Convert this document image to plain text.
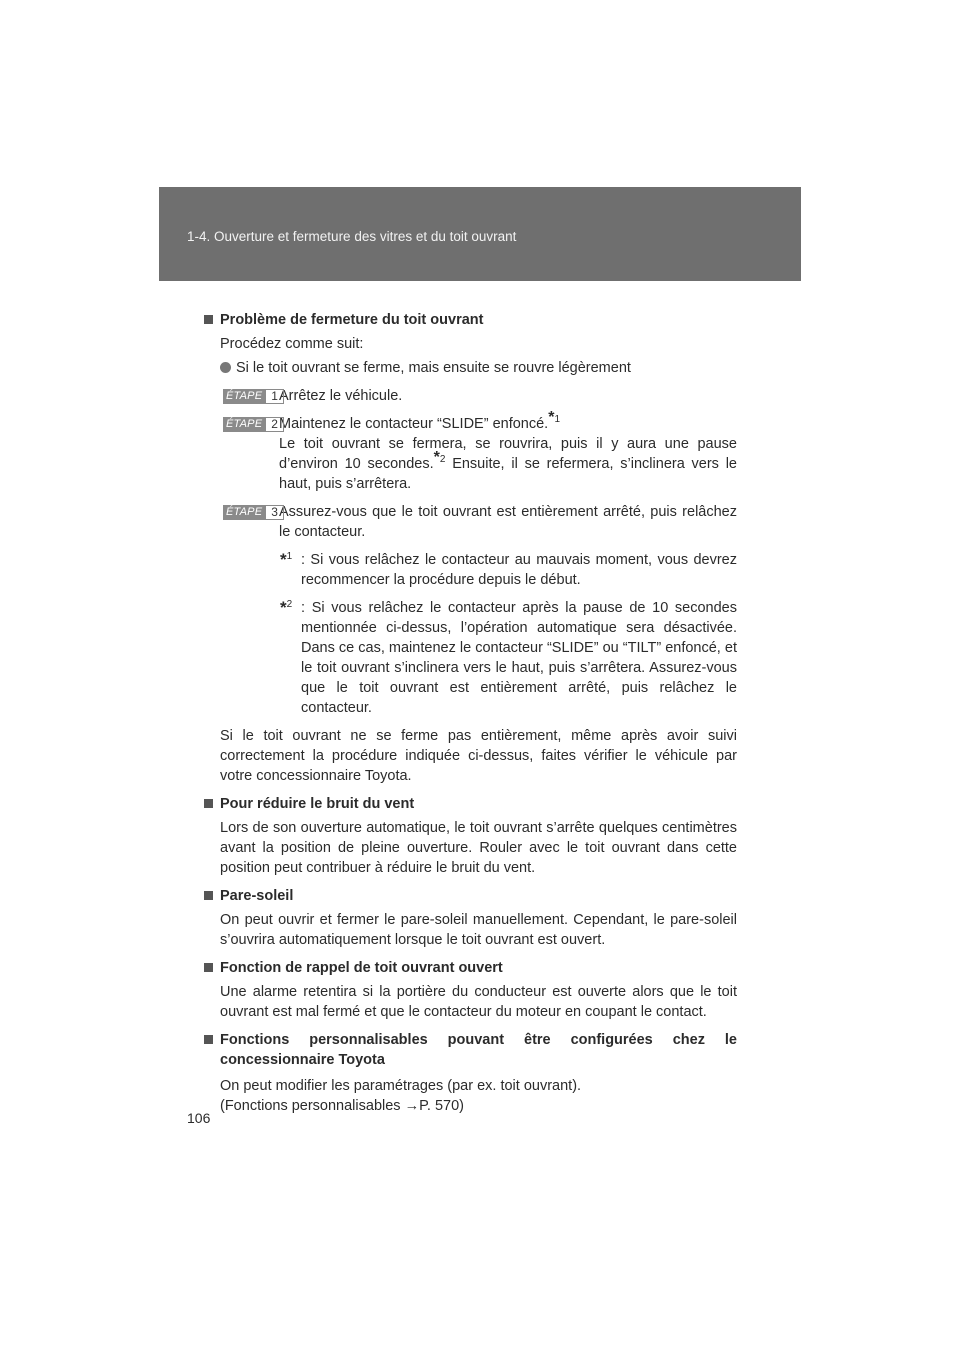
1-4. Ouverture et fermeture des vitres et du toit ouvrant
Problème de fermeture du toit ouvrant
Procédez comme suit:
Si le toit ouvrant se ferme, mais ensuite se rouvre légèrement
ÉTAPE 1 Arrêtez le véhicule.
ÉTAPE 2 Maintenez le contacteur “SLIDE” enfoncé.$^{*1}$
Le toit ouvrant se fermera, se rouvrira, puis il y aura une pause d’environ 10 secondes.$^{*2}$ Ensuite, il se refermera, s’inclinera vers le haut, puis s’arrêtera.
ÉTAPE 3 Assurez-vous que le toit ouvrant est entièrement arrêté, puis relâchez le contacteur.
*$^1$ : Si vous relâchez le contacteur au mauvais moment, vous devrez recommencer la procédure depuis le début.
*$^2$ : Si vous relâchez le contacteur après la pause de 10 secondes mentionnée ci-dessus, l’opération automatique sera désactivée. Dans ce cas, maintenez le contacteur “SLIDE” ou “TILT” enfoncé, et le toit ouvrant s’inclinera vers le haut, puis s’arrêtera. Assurez-vous que le toit ouvrant est entièrement arrêté, puis relâchez le contacteur.
Si le toit ouvrant ne se ferme pas entièrement, même après avoir suivi correctement la procédure indiquée ci-dessus, faites vérifier le véhicule par votre concessionnaire Toyota.
Pour réduire le bruit du vent
Lors de son ouverture automatique, le toit ouvrant s’arrête quelques centimètres avant la position de pleine ouverture. Rouler avec le toit ouvrant dans cette position peut contribuer à réduire le bruit du vent.
Pare-soleil
On peut ouvrir et fermer le pare-soleil manuellement. Cependant, le pare-soleil s’ouvrira automatiquement lorsque le toit ouvrant est ouvert.
Fonction de rappel de toit ouvrant ouvert
Une alarme retentira si la portière du conducteur est ouverte alors que le toit ouvrant est mal fermé et que le contacteur du moteur en coupant le contact.
Fonctions personnalisables pouvant être configurées chez le concessionnaire Toyota
On peut modifier les paramétrages (par ex. toit ouvrant).
(Fonctions personnalisables →P. 570)
106
